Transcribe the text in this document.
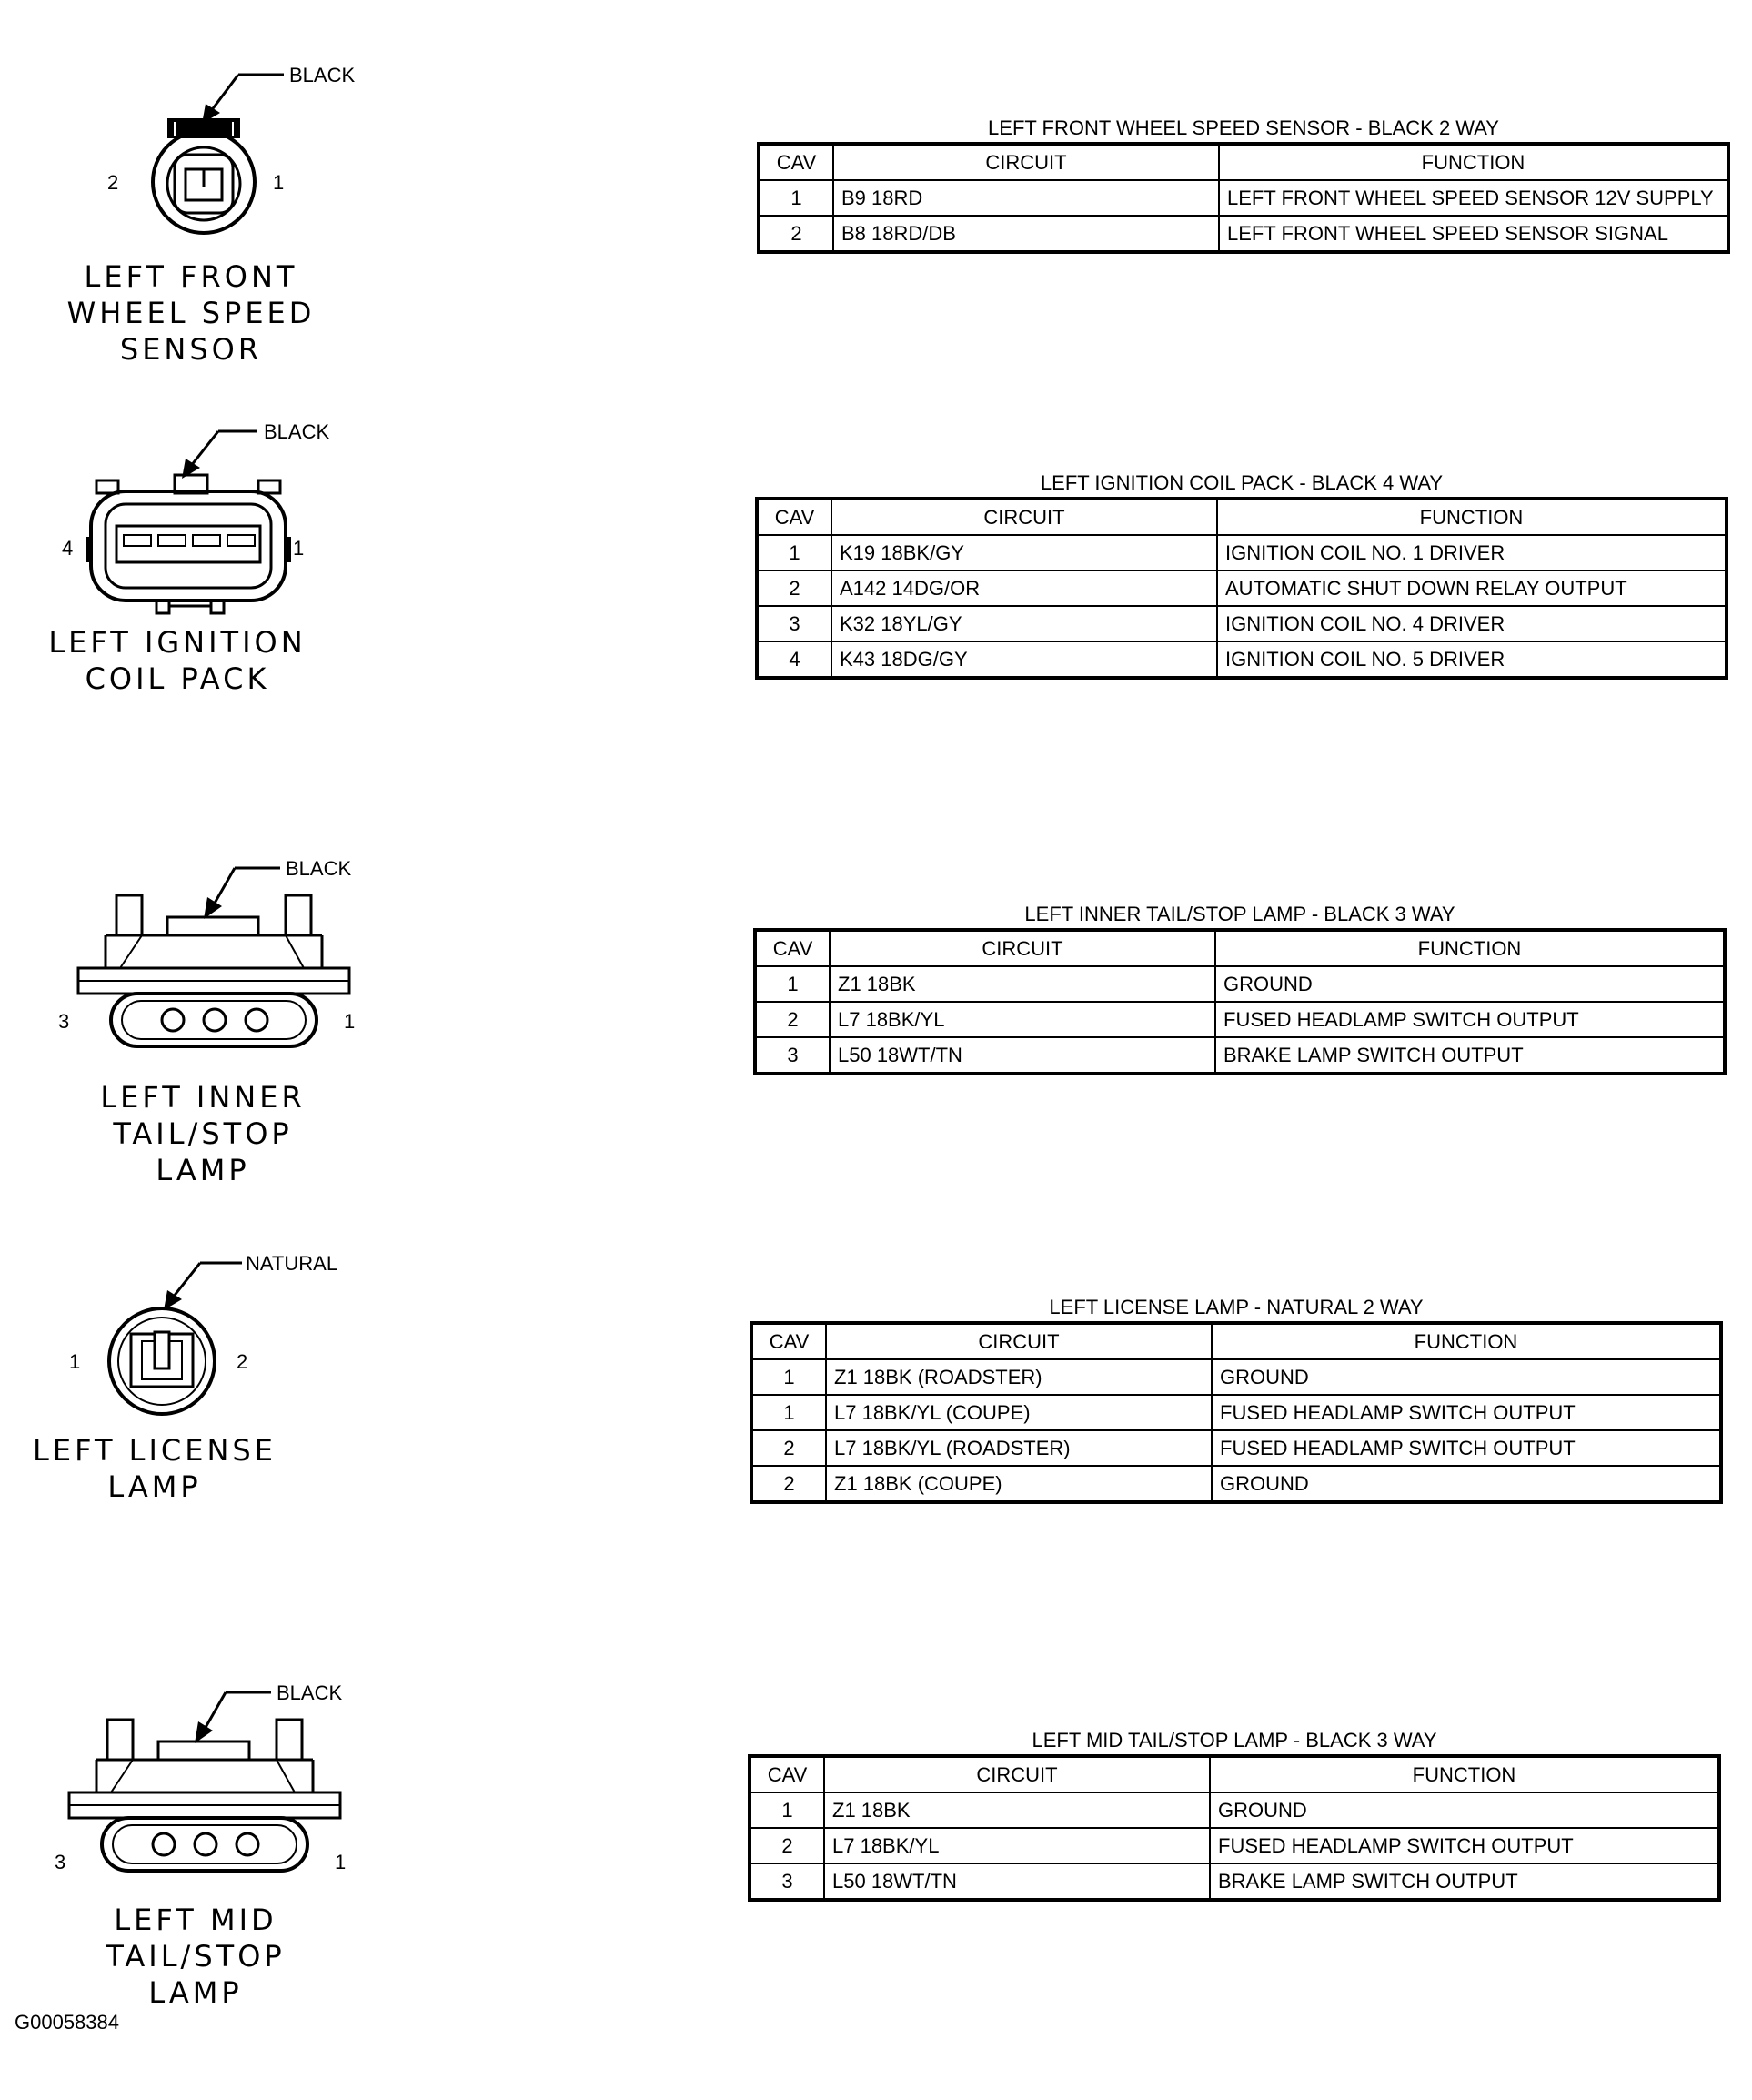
BLACK
2	1
LEFT FRONT
WHEEL SPEED
SENSOR
BLACK
4	1
LEFT IGNITION
COIL PACK
BLACK
3	1
LEFT INNER
TAIL/STOP
LAMP
NATURAL
1	2
LEFT LICENSE
LAMP
BLACK
3	1
LEFT MID
TAIL/STOP
LAMP
LEFT FRONT WHEEL SPEED SENSOR - BLACK 2 WAY
CAV	CIRCUIT	FUNCTION
1	B9 18RD	LEFT FRONT WHEEL SPEED SENSOR 12V SUPPLY
2	B8 18RD/DB	LEFT FRONT WHEEL SPEED SENSOR SIGNAL
LEFT IGNITION COIL PACK - BLACK 4 WAY
CAV	CIRCUIT	FUNCTION
1	K19 18BK/GY	IGNITION COIL NO. 1 DRIVER
2	A142 14DG/OR	AUTOMATIC SHUT DOWN RELAY OUTPUT
3	K32 18YL/GY	IGNITION COIL NO. 4 DRIVER
4	K43 18DG/GY	IGNITION COIL NO. 5 DRIVER
LEFT INNER TAIL/STOP LAMP - BLACK 3 WAY
CAV	CIRCUIT	FUNCTION
1	Z1 18BK	GROUND
2	L7 18BK/YL	FUSED HEADLAMP SWITCH OUTPUT
3	L50 18WT/TN	BRAKE LAMP SWITCH OUTPUT
LEFT LICENSE LAMP - NATURAL 2 WAY
CAV	CIRCUIT	FUNCTION
1	Z1 18BK (ROADSTER)	GROUND
1	L7 18BK/YL (COUPE)	FUSED HEADLAMP SWITCH OUTPUT
2	L7 18BK/YL (ROADSTER)	FUSED HEADLAMP SWITCH OUTPUT
2	Z1 18BK (COUPE)	GROUND
LEFT MID TAIL/STOP LAMP - BLACK 3 WAY
CAV	CIRCUIT	FUNCTION
1	Z1 18BK	GROUND
2	L7 18BK/YL	FUSED HEADLAMP SWITCH OUTPUT
3	L50 18WT/TN	BRAKE LAMP SWITCH OUTPUT
G00058384
